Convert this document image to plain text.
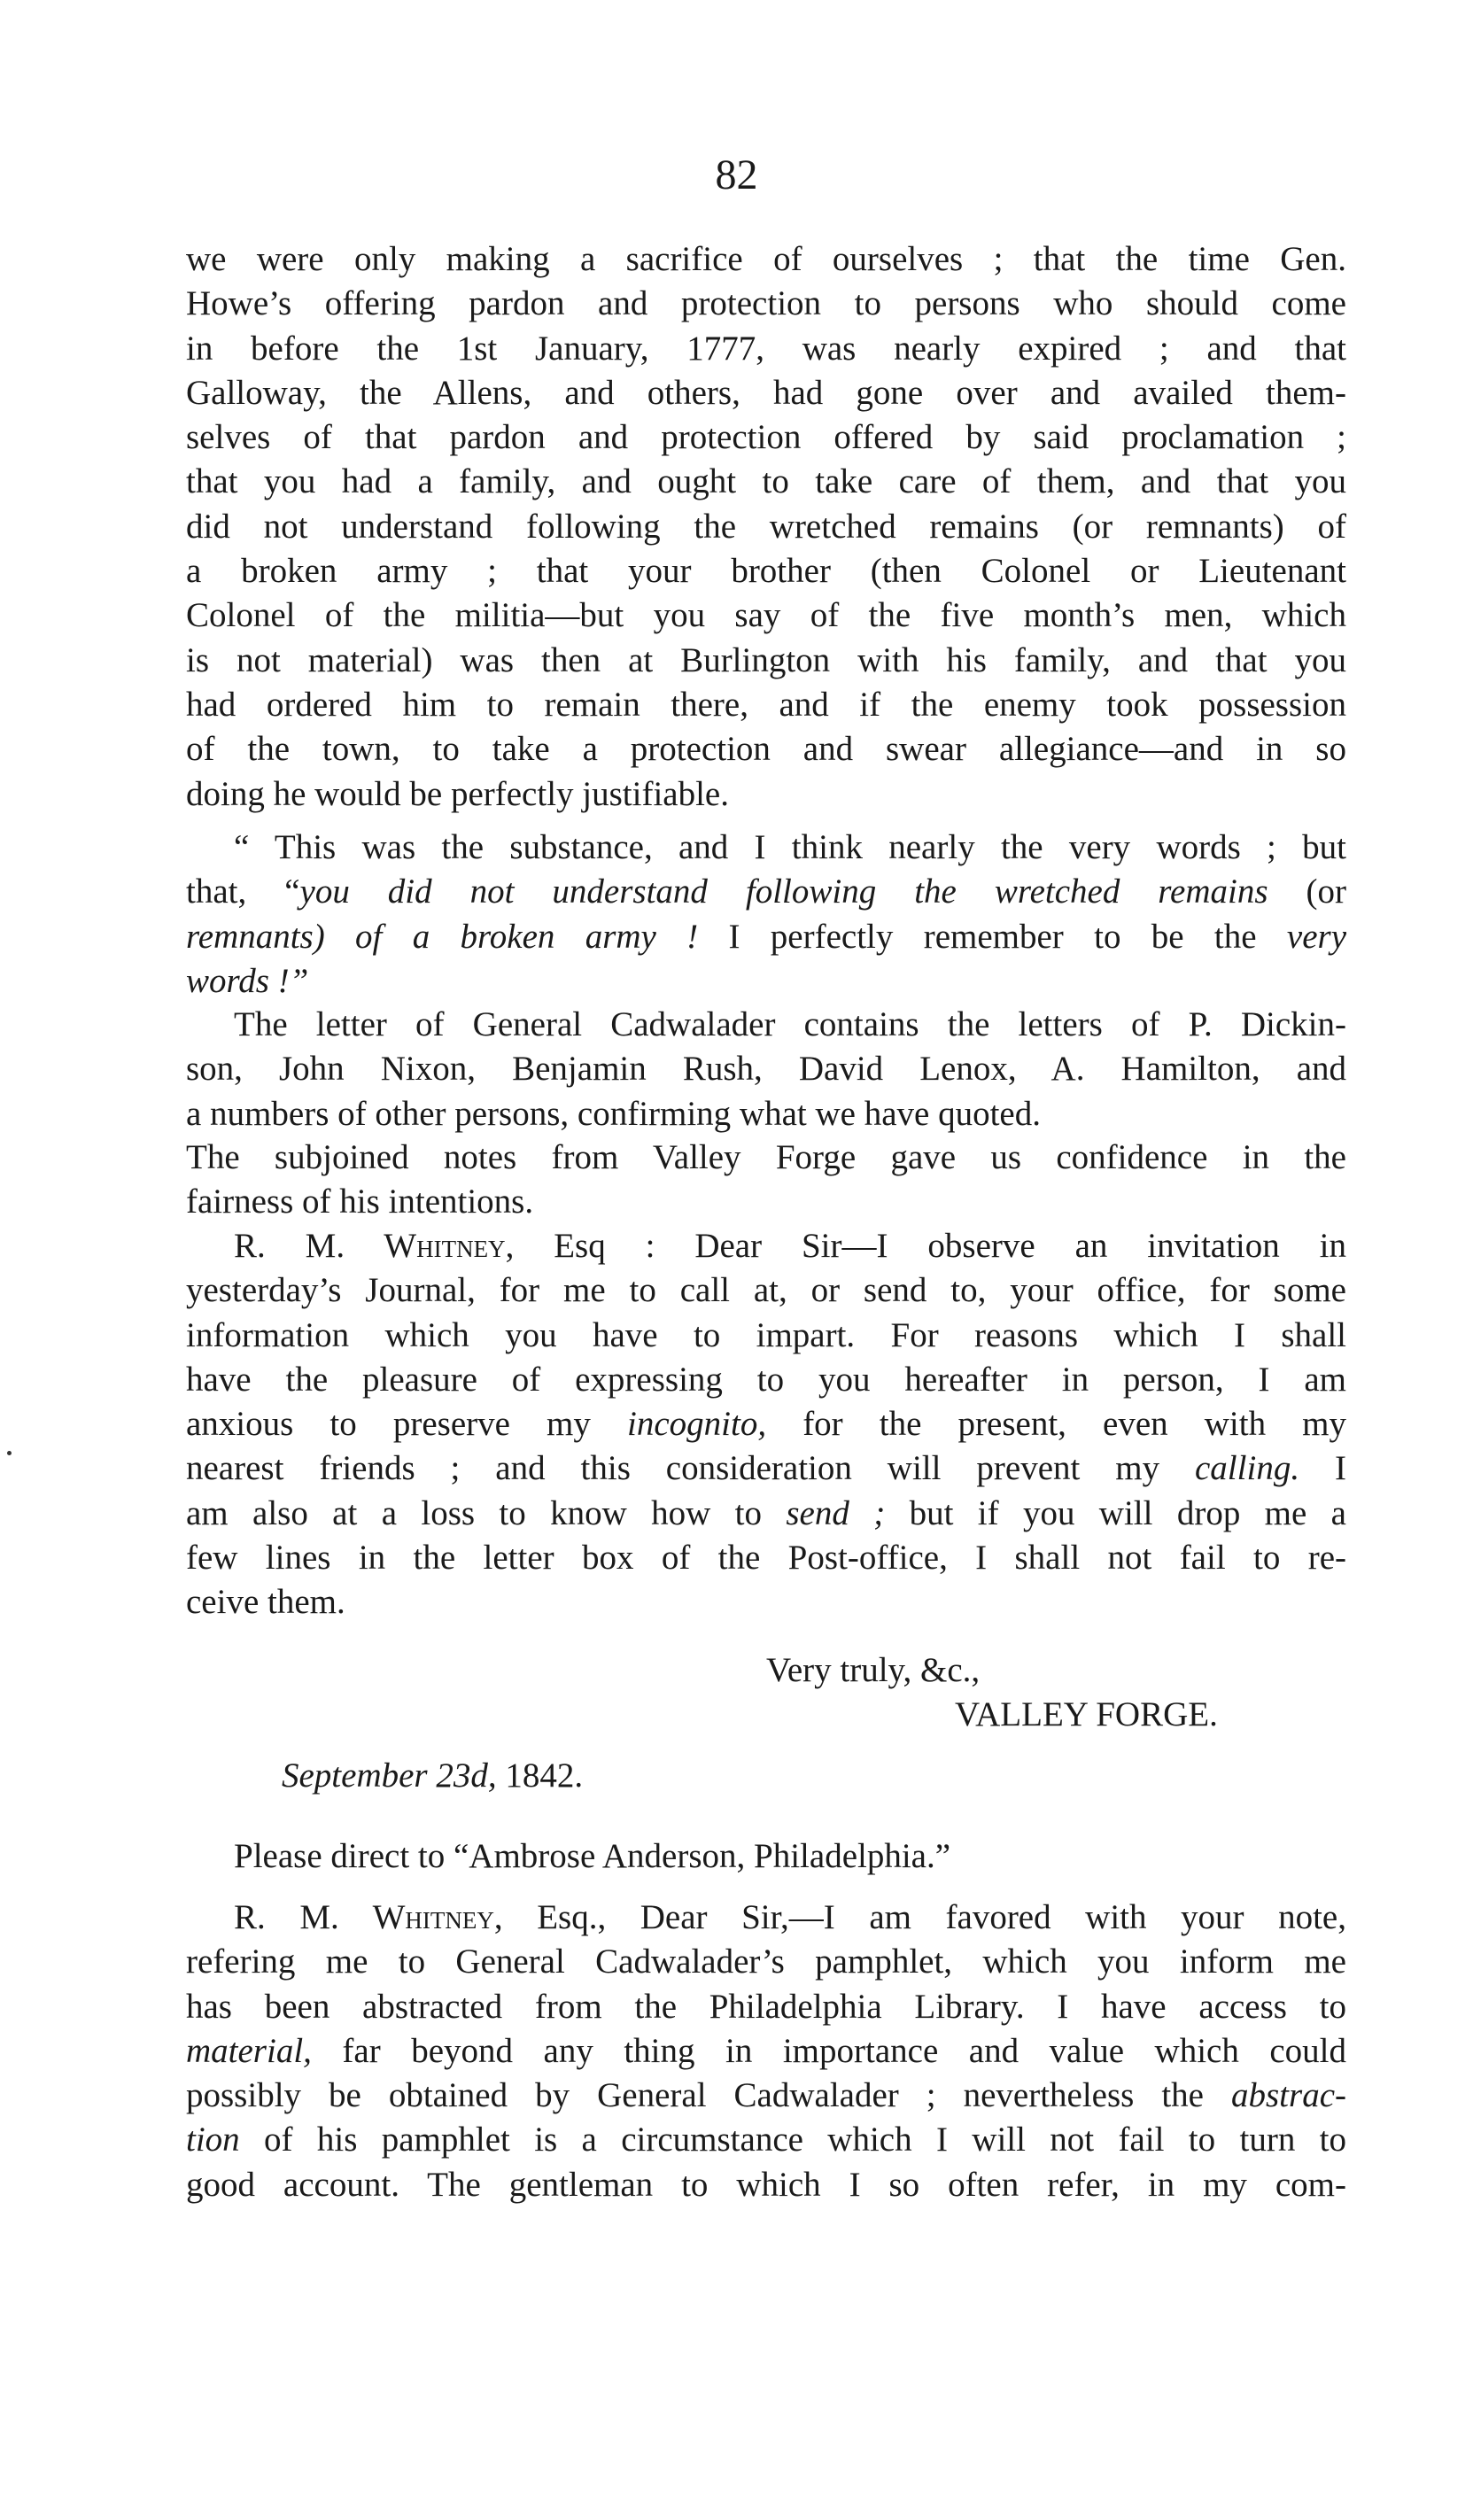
82
we were only making a sacrifice of ourselves ; that the time Gen.
Howe’s offering pardon and protection to persons who should come
in before the 1st January, 1777, was nearly expired ; and that
Galloway, the Allens, and others, had gone over and availed them-
selves of that pardon and protection offered by said proclamation ;
that you had a family, and ought to take care of them, and that you
did not understand following the wretched remains (or remnants) of
a broken army ; that your brother (then Colonel or Lieutenant
Colonel of the militia—but you say of the five month’s men, which
is not material) was then at Burlington with his family, and that you
had ordered him to remain there, and if the enemy took possession
of the town, to take a protection and swear allegiance—and in so
doing he would be perfectly justifiable.
“ This was the substance, and I think nearly the very words ; but
that, “you did not understand following the wretched remains (or
remnants) of a broken army ! I perfectly remember to be the very
words !”
The letter of General Cadwalader contains the letters of P. Dickin-
son, John Nixon, Benjamin Rush, David Lenox, A. Hamilton, and
a numbers of other persons, confirming what we have quoted.
The subjoined notes from Valley Forge gave us confidence in the
fairness of his intentions.
R. M. Whitney, Esq : Dear Sir—I observe an invitation in
yesterday’s Journal, for me to call at, or send to, your office, for some
information which you have to impart. For reasons which I shall
have the pleasure of expressing to you hereafter in person, I am
anxious to preserve my incognito, for the present, even with my
nearest friends ; and this consideration will prevent my calling. I
am also at a loss to know how to send ; but if you will drop me a
few lines in the letter box of the Post-office, I shall not fail to re-
ceive them.
Very truly, &c.,
VALLEY FORGE.
September 23d, 1842.
Please direct to “Ambrose Anderson, Philadelphia.”
R. M. Whitney, Esq., Dear Sir,—I am favored with your note,
refering me to General Cadwalader’s pamphlet, which you inform me
has been abstracted from the Philadelphia Library. I have access to
material, far beyond any thing in importance and value which could
possibly be obtained by General Cadwalader ; nevertheless the abstrac-
tion of his pamphlet is a circumstance which I will not fail to turn to
good account. The gentleman to which I so often refer, in my com-
